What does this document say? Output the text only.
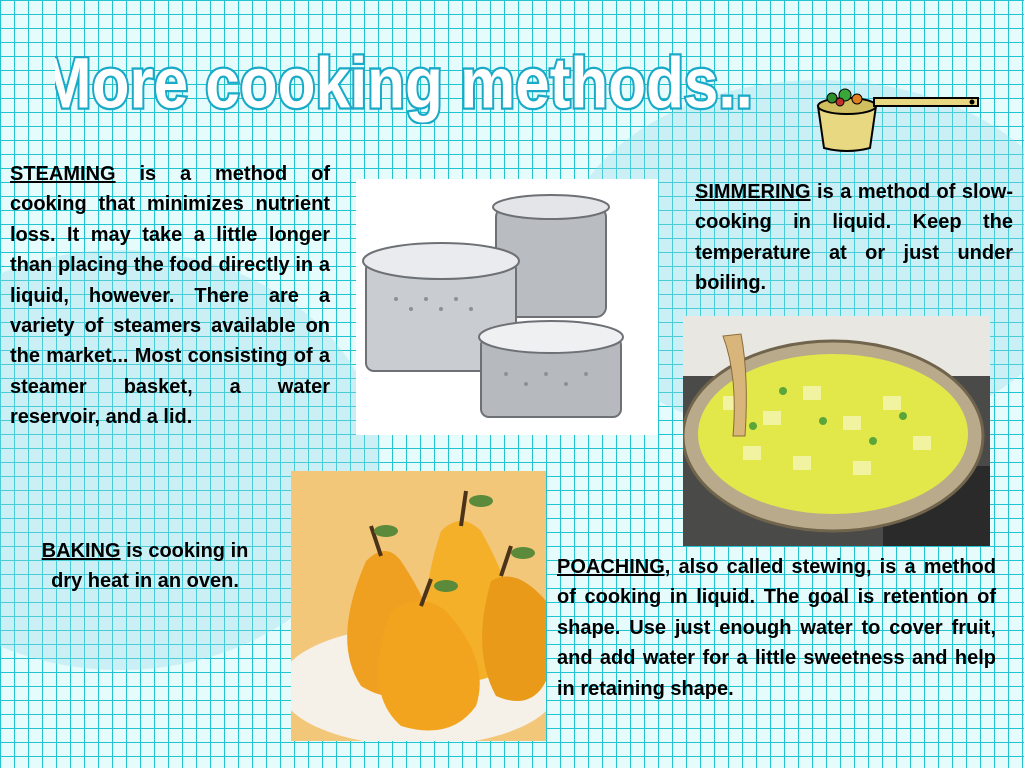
More cooking methods...
STEAMING is a method of cooking that minimizes nutrient loss. It may take a little longer than placing the food directly in a liquid, however. There are a variety of steamers available on the market... Most consisting of a steamer basket, a water reservoir, and a lid.
SIMMERING is a method of slow-cooking in liquid. Keep the temperature at or just under boiling.
BAKING is cooking in dry heat in an oven.
POACHING, also called stewing, is a method of cooking in liquid. The goal is retention of shape. Use just enough water to cover fruit, and add water for a little sweetness and help in retaining shape.
